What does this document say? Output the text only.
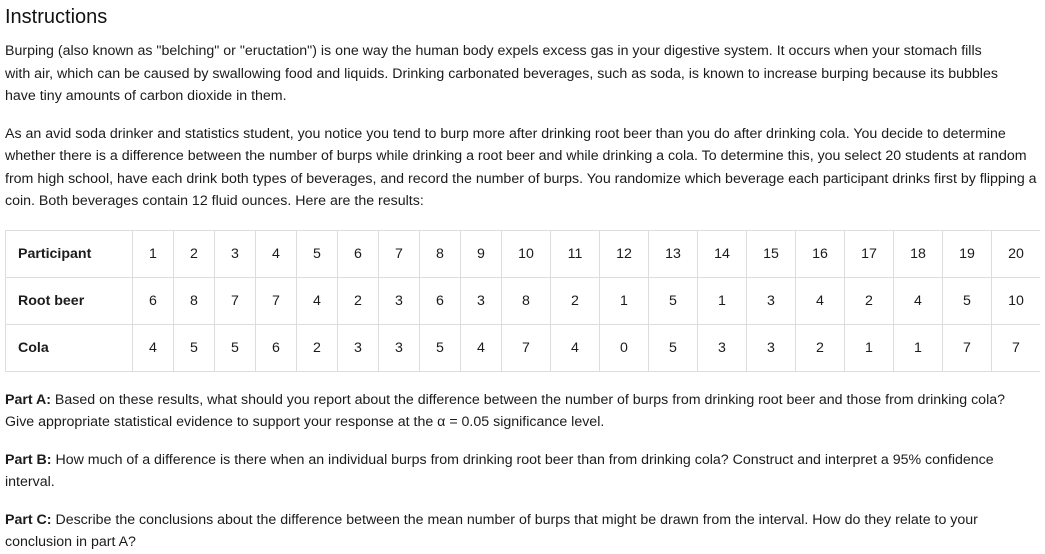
Instructions

Burping (also known as "belching" or "eructation") is one way the human body expels excess gas in your digestive system. It occurs when your stomach fills with air, which can be caused by swallowing food and liquids. Drinking carbonated beverages, such as soda, is known to increase burping because its bubbles have tiny amounts of carbon dioxide in them.

As an avid soda drinker and statistics student, you notice you tend to burp more after drinking root beer than you do after drinking cola. You decide to determine whether there is a difference between the number of burps while drinking a root beer and while drinking a cola. To determine this, you select 20 students at random from high school, have each drink both types of beverages, and record the number of burps. You randomize which beverage each participant drinks first by flipping a coin. Both beverages contain 12 fluid ounces. Here are the results:

Participant	1	2	3	4	5	6	7	8	9	10	11	12	13	14	15	16	17	18	19	20
Root beer	6	8	7	7	4	2	3	6	3	8	2	1	5	1	3	4	2	4	5	10
Cola	4	5	5	6	2	3	3	5	4	7	4	0	5	3	3	2	1	1	7	7

Part A: Based on these results, what should you report about the difference between the number of burps from drinking root beer and those from drinking cola? Give appropriate statistical evidence to support your response at the α = 0.05 significance level.

Part B: How much of a difference is there when an individual burps from drinking root beer than from drinking cola? Construct and interpret a 95% confidence interval.

Part C: Describe the conclusions about the difference between the mean number of burps that might be drawn from the interval. How do they relate to your conclusion in part A?
